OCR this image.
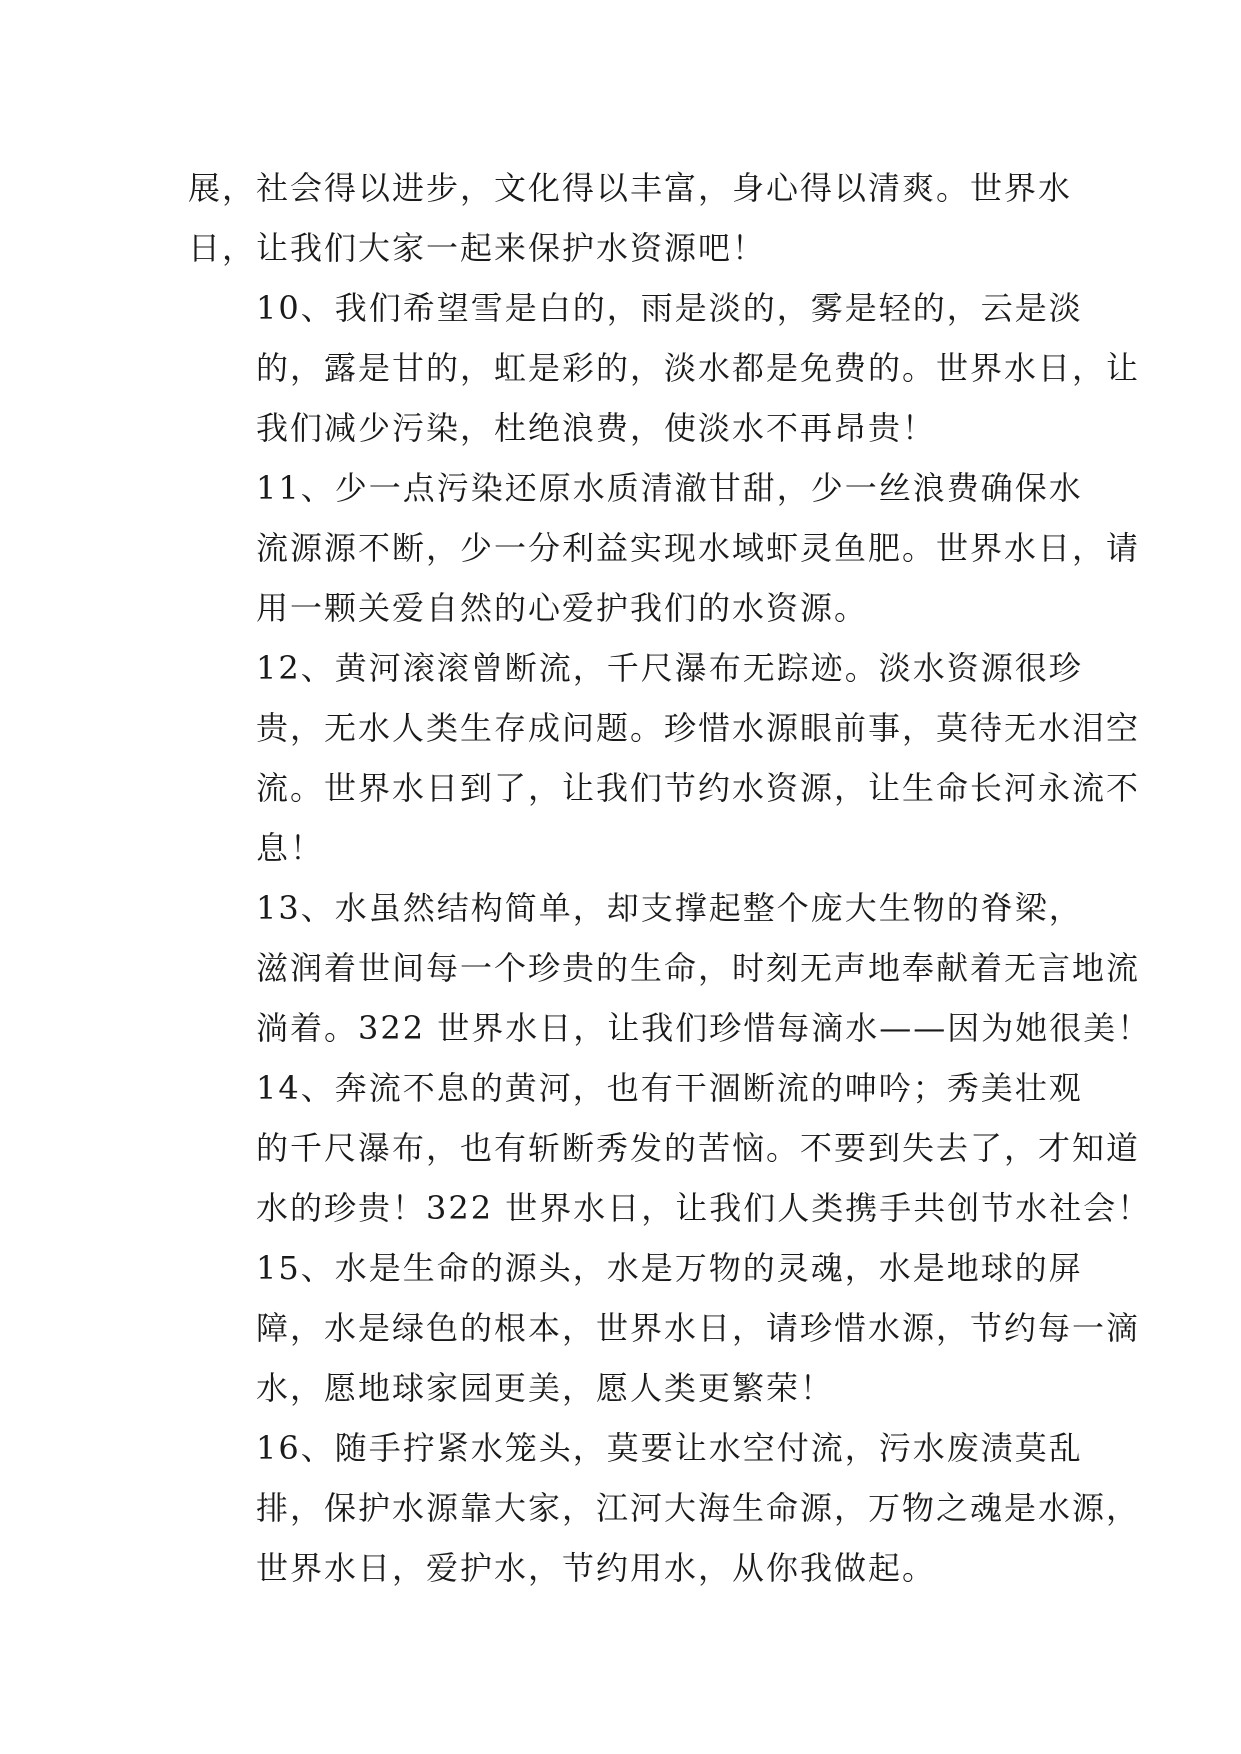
展，社会得以进步，文化得以丰富，身心得以清爽。世界水
日，让我们大家一起来保护水资源吧！

10、我们希望雪是白的，雨是淡的，雾是轻的，云是淡
的，露是甘的，虹是彩的，淡水都是免费的。世界水日，让
我们减少污染，杜绝浪费，使淡水不再昂贵！

11、少一点污染还原水质清澈甘甜，少一丝浪费确保水
流源源不断，少一分利益实现水域虾灵鱼肥。世界水日，请
用一颗关爱自然的心爱护我们的水资源。

12、黄河滚滚曾断流，千尺瀑布无踪迹。淡水资源很珍
贵，无水人类生存成问题。珍惜水源眼前事，莫待无水泪空
流。世界水日到了，让我们节约水资源，让生命长河永流不
息！

13、水虽然结构简单，却支撑起整个庞大生物的脊梁，
滋润着世间每一个珍贵的生命，时刻无声地奉献着无言地流
淌着。322 世界水日，让我们珍惜每滴水——因为她很美！

14、奔流不息的黄河，也有干涸断流的呻吟；秀美壮观
的千尺瀑布，也有斩断秀发的苦恼。不要到失去了，才知道
水的珍贵！322 世界水日，让我们人类携手共创节水社会！

15、水是生命的源头，水是万物的灵魂，水是地球的屏
障，水是绿色的根本，世界水日，请珍惜水源，节约每一滴
水，愿地球家园更美，愿人类更繁荣！

16、随手拧紧水笼头，莫要让水空付流，污水废渍莫乱
排，保护水源靠大家，江河大海生命源，万物之魂是水源，
世界水日，爱护水，节约用水，从你我做起。
